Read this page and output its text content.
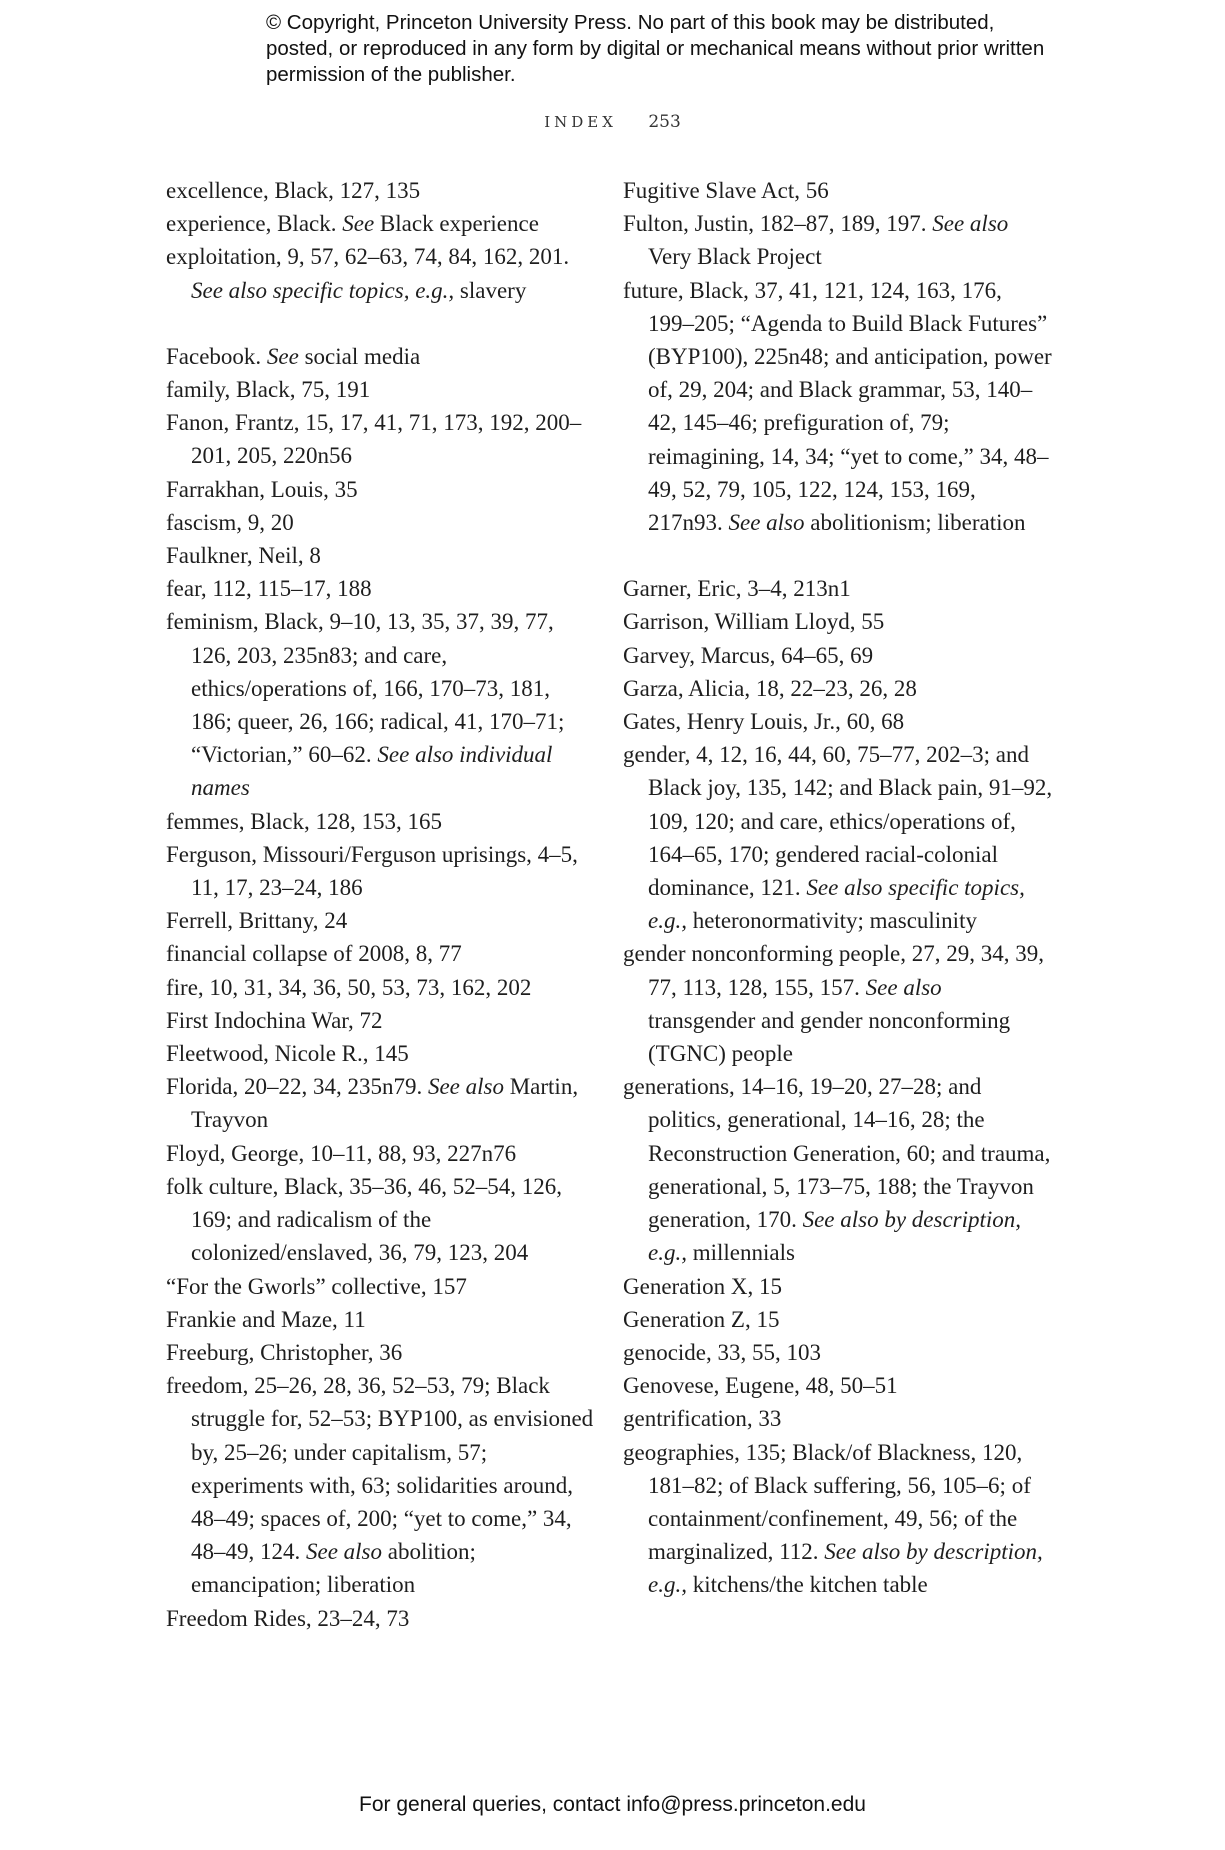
© Copyright, Princeton University Press. No part of this book may be distributed, posted, or reproduced in any form by digital or mechanical means without prior written permission of the publisher.
INDEX 253
excellence, Black, 127, 135
experience, Black. See Black experience
exploitation, 9, 57, 62–63, 74, 84, 162, 201. See also specific topics, e.g., slavery
Facebook. See social media
family, Black, 75, 191
Fanon, Frantz, 15, 17, 41, 71, 173, 192, 200–201, 205, 220n56
Farrakhan, Louis, 35
fascism, 9, 20
Faulkner, Neil, 8
fear, 112, 115–17, 188
feminism, Black, 9–10, 13, 35, 37, 39, 77, 126, 203, 235n83; and care, ethics/operations of, 166, 170–73, 181, 186; queer, 26, 166; radical, 41, 170–71; “Victorian,” 60–62. See also individual names
femmes, Black, 128, 153, 165
Ferguson, Missouri/Ferguson uprisings, 4–5, 11, 17, 23–24, 186
Ferrell, Brittany, 24
financial collapse of 2008, 8, 77
fire, 10, 31, 34, 36, 50, 53, 73, 162, 202
First Indochina War, 72
Fleetwood, Nicole R., 145
Florida, 20–22, 34, 235n79. See also Martin, Trayvon
Floyd, George, 10–11, 88, 93, 227n76
folk culture, Black, 35–36, 46, 52–54, 126, 169; and radicalism of the colonized/enslaved, 36, 79, 123, 204
“For the Gworls” collective, 157
Frankie and Maze, 11
Freeburg, Christopher, 36
freedom, 25–26, 28, 36, 52–53, 79; Black struggle for, 52–53; BYP100, as envisioned by, 25–26; under capitalism, 57; experiments with, 63; solidarities around, 48–49; spaces of, 200; “yet to come,” 34, 48–49, 124. See also abolition; emancipation; liberation
Freedom Rides, 23–24, 73
Fugitive Slave Act, 56
Fulton, Justin, 182–87, 189, 197. See also Very Black Project
future, Black, 37, 41, 121, 124, 163, 176, 199–205; “Agenda to Build Black Futures” (BYP100), 225n48; and anticipation, power of, 29, 204; and Black grammar, 53, 140–42, 145–46; prefiguration of, 79; reimagining, 14, 34; “yet to come,” 34, 48–49, 52, 79, 105, 122, 124, 153, 169, 217n93. See also abolitionism; liberation
Garner, Eric, 3–4, 213n1
Garrison, William Lloyd, 55
Garvey, Marcus, 64–65, 69
Garza, Alicia, 18, 22–23, 26, 28
Gates, Henry Louis, Jr., 60, 68
gender, 4, 12, 16, 44, 60, 75–77, 202–3; and Black joy, 135, 142; and Black pain, 91–92, 109, 120; and care, ethics/operations of, 164–65, 170; gendered racial-colonial dominance, 121. See also specific topics, e.g., heteronormativity; masculinity
gender nonconforming people, 27, 29, 34, 39, 77, 113, 128, 155, 157. See also transgender and gender nonconforming (TGNC) people
generations, 14–16, 19–20, 27–28; and politics, generational, 14–16, 28; the Reconstruction Generation, 60; and trauma, generational, 5, 173–75, 188; the Trayvon generation, 170. See also by description, e.g., millennials
Generation X, 15
Generation Z, 15
genocide, 33, 55, 103
Genovese, Eugene, 48, 50–51
gentrification, 33
geographies, 135; Black/of Blackness, 120, 181–82; of Black suffering, 56, 105–6; of containment/confinement, 49, 56; of the marginalized, 112. See also by description, e.g., kitchens/the kitchen table
For general queries, contact info@press.princeton.edu
